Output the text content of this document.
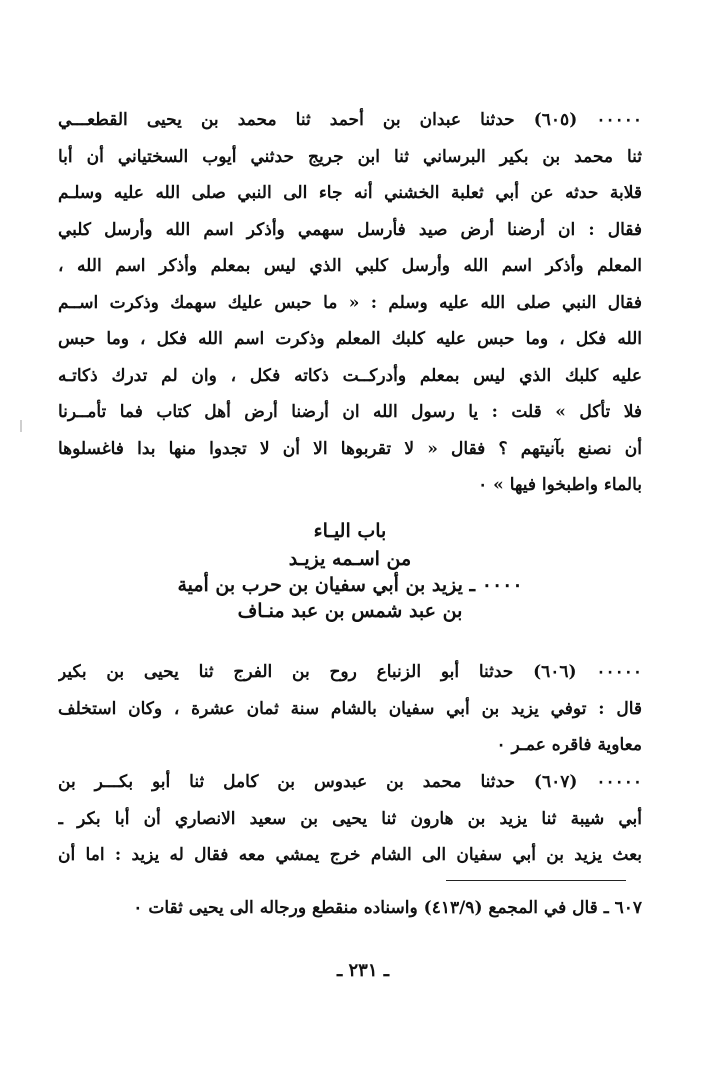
٠٠٠٠٠ (٦٠٥) حدثنا عبدان بن أحمد ثنا محمد بن يحيى القطعـــي
ثنا محمد بن بكير البرساني ثنا ابن جريج حدثني أيوب السختياني أن أبا
قلابة حدثه عن أبي ثعلبة الخشني أنه جاء الى النبي صلى الله عليه وسلـم
فقال : ان أرضنا أرض صيد فأرسل سهمي وأذكر اسم الله وأرسل كلبي
المعلم وأذكر اسم الله وأرسل كلبي الذي ليس بمعلم وأذكر اسم الله ،
فقال النبي صلى الله عليه وسلم : « ما حبس عليك سهمك وذكرت اســم
الله فكل ، وما حبس عليه كلبك المعلم وذكرت اسم الله فكل ، وما حبس
عليه كلبك الذي ليس بمعلم وأدركــت ذكاته فكل ، وان لم تدرك ذكاتـه
فلا تأكل » قلت : يا رسول الله ان أرضنا أرض أهل كتاب فما تأمــرنا
أن نصنع بآنيتهم ؟ فقال « لا تقربوها الا أن لا تجدوا منها بدا فاغسلوها
بالماء واطبخوا فيها » ٠
باب اليـاء
من اسـمه يزيـد
٠٠٠٠ ـ يزيد بن أبي سفيان بن حرب بن أمية
بن عبد شمس بن عبد منـاف
٠٠٠٠٠ (٦٠٦) حدثنا أبو الزنباع روح بن الفرج ثنا يحيى بن بكير
قال : توفي يزيد بن أبي سفيان بالشام سنة ثمان عشرة ، وكان استخلف
معاوية فاقره عمـر ٠
٠٠٠٠٠ (٦٠٧) حدثنا محمد بن عبدوس بن كامل ثنا أبو بكـــر بن
أبي شيبة ثنا يزيد بن هارون ثنا يحيى بن سعيد الانصاري أن أبا بكر ـ
بعث يزيد بن أبي سفيان الى الشام خرج يمشي معه فقال له يزيد : اما أن
٦٠٧ ـ قال في المجمع (٤١٣/٩) واسناده منقطع ورجاله الى يحيى ثقات ٠
ـ ٢٣١ ـ
